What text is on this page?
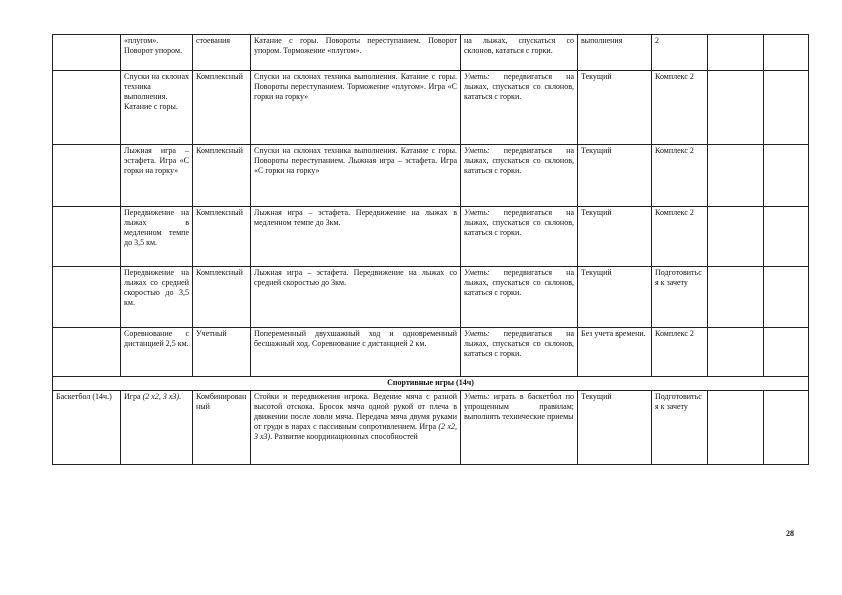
	«плугом». Поворот упором.	стоевания	Катание с горы. Повороты переступанием. Поворот упором. Торможение «плугом».	на лыжах, спускаться со склонов, кататься с горки.	выполнения	2		
	Спуски на склонах техника выполнения. Катание с горы.	Комплексный	Спуски на склонах техника выполнения. Катание с горы. Повороты переступанием. Торможение «плугом». Игра «С горки на горку»	Уметь: передвигаться на лыжах, спускаться со склонов, кататься с горки.	Текущий	Комплекс 2		
	Лыжная игра – эстафета. Игра «С горки на горку»	Комплексный	Спуски на склонах техника выполнения. Катание с горы. Повороты переступанием. Лыжная игра – эстафета. Игра «С горки на горку»	Уметь: передвигаться на лыжах, спускаться со склонов, кататься с горки.	Текущий	Комплекс 2		
	Передвижение на лыжах в медленном темпе до 3,5 км.	Комплексный	Лыжная игра – эстафета. Передвижение на лыжах в медленном темпе до 3км.	Уметь: передвигаться на лыжах, спускаться со склонов, кататься с горки.	Текущий	Комплекс 2		
	Передвижение на лыжах со средней скоростью до 3,5 км.	Комплексный	Лыжная игра – эстафета. Передвижение на лыжах со средней скоростью до 3км.	Уметь: передвигаться на лыжах, спускаться со склонов, кататься с горки.	Текущий	Подготовиться к зачету		
	Соревнование с дистанцией 2,5 км.	Учетный	Попеременный двухшажный ход и одновременный бесшажный ход. Соревнование с дистанцией 2 км.	Уметь: передвигаться на лыжах, спускаться со склонов, кататься с горки.	Без учета времени.	Комплекс 2		
Спортивные игры (14ч)								
Баскетбол (14ч.)	Игра (2 х2, 3 х3).	Комбинированный	Стойки и передвижения игрока. Ведение мяча с разной высотой отскока. Бросок мяча одной рукой от плеча в движении после ловли мяча. Передача мяча двумя руками от груди в парах с пассивным сопротивлением. Игра (2 х2, 3 х3). Развитие координационных способностей	Уметь: играть в баскетбол по упрощенным правилам; выполнять технические приемы	Текущий	Подготовиться к зачету		
28
